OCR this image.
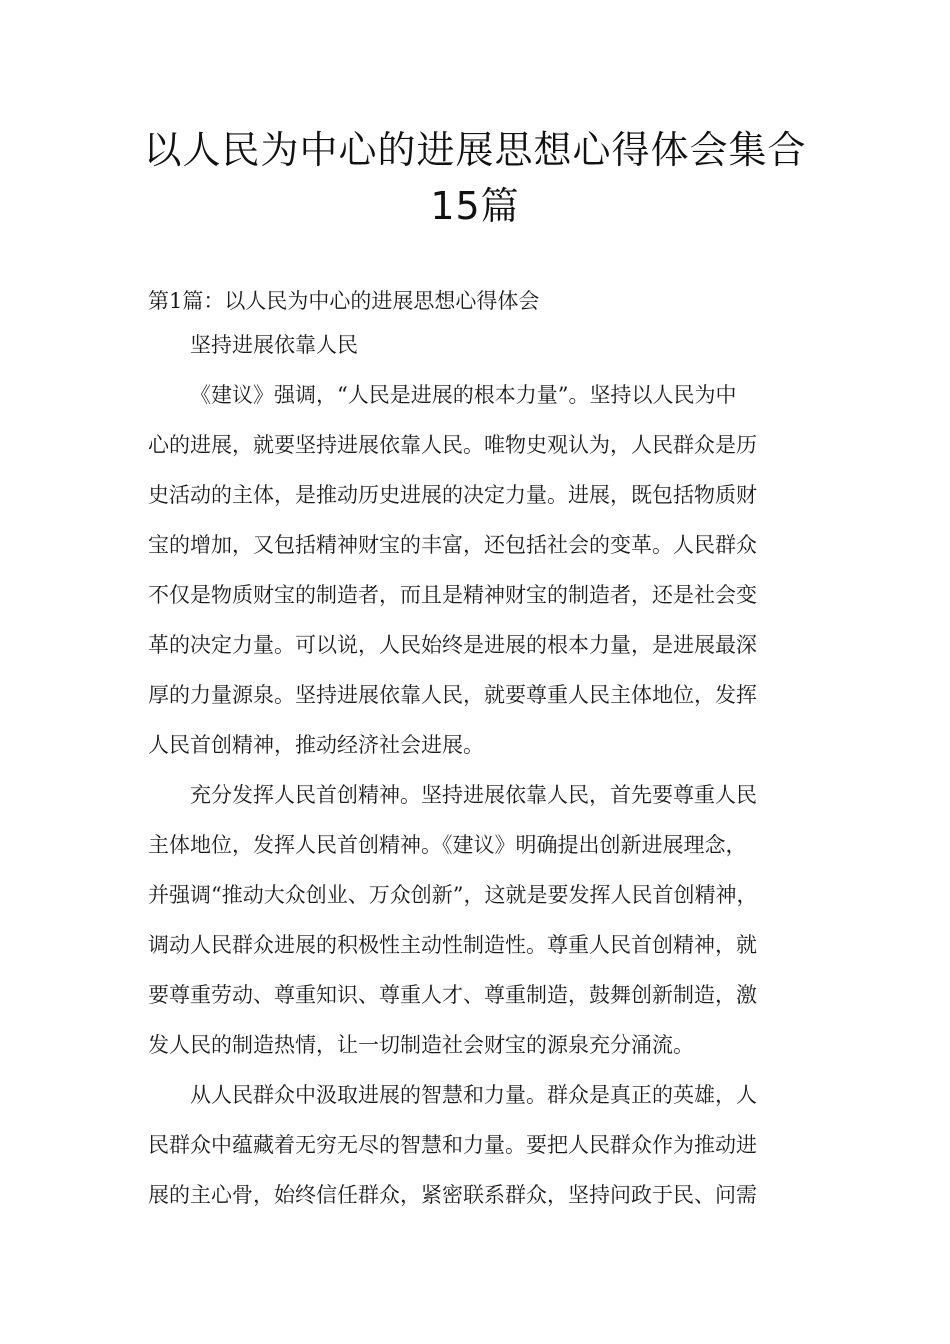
以人民为中心的进展思想心得体会集合
15篇
第1篇：以人民为中心的进展思想心得体会
坚持进展依靠人民

《建议》强调，“人民是进展的根本力量”。坚持以人民为中
心的进展，就要坚持进展依靠人民。唯物史观认为，人民群众是历
史活动的主体，是推动历史进展的决定力量。进展，既包括物质财
宝的增加，又包括精神财宝的丰富，还包括社会的变革。人民群众
不仅是物质财宝的制造者，而且是精神财宝的制造者，还是社会变
革的决定力量。可以说，人民始终是进展的根本力量，是进展最深
厚的力量源泉。坚持进展依靠人民，就要尊重人民主体地位，发挥
人民首创精神，推动经济社会进展。

充分发挥人民首创精神。坚持进展依靠人民，首先要尊重人民
主体地位，发挥人民首创精神。《建议》明确提出创新进展理念，
并强调“推动大众创业、万众创新”，这就是要发挥人民首创精神，
调动人民群众进展的积极性主动性制造性。尊重人民首创精神，就
要尊重劳动、尊重知识、尊重人才、尊重制造，鼓舞创新制造，激
发人民的制造热情，让一切制造社会财宝的源泉充分涌流。

从人民群众中汲取进展的智慧和力量。群众是真正的英雄，人
民群众中蕴藏着无穷无尽的智慧和力量。要把人民群众作为推动进
展的主心骨，始终信任群众，紧密联系群众，坚持问政于民、问需
